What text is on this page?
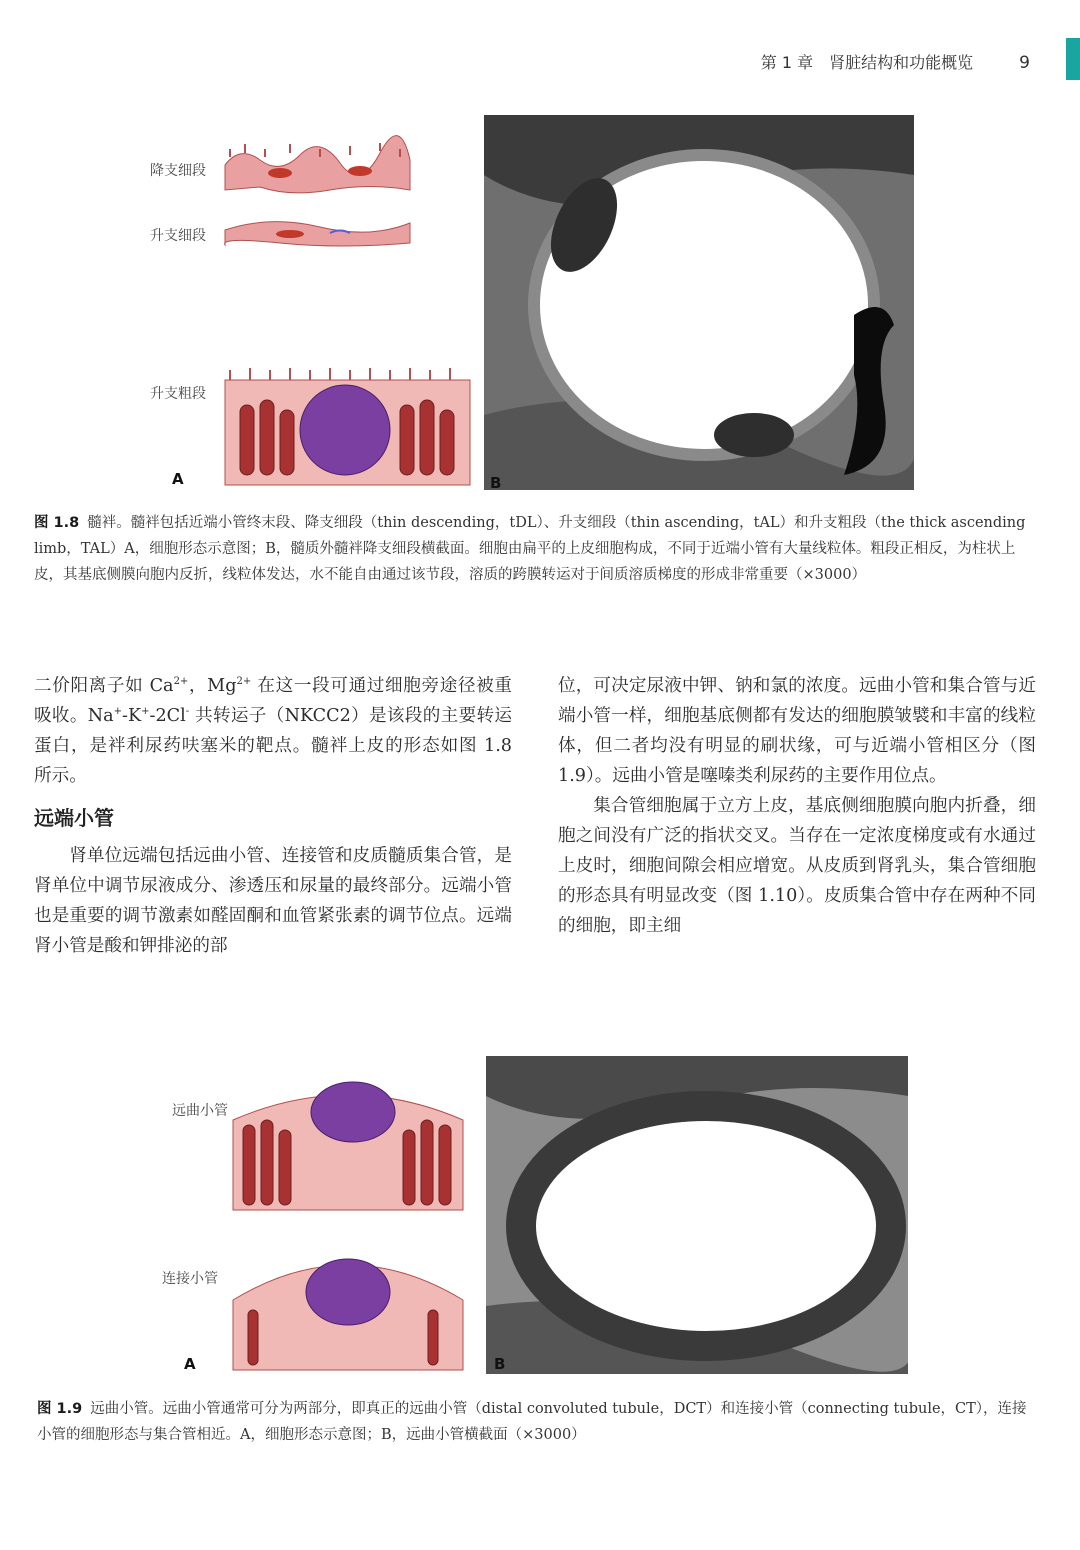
第 1 章　 肾脏结构和功能概览	9
降支细段
升支细段
升支粗段
A	B
图 1.8 髓袢。髓袢包括近端小管终末段、降支细段（thin descending，tDL）、升支细段（thin ascending，tAL）和升支粗段（the thick ascending limb，TAL）A，细胞形态示意图；B，髓质外髓袢降支细段横截面。细胞由扁平的上皮细胞构成，不同于近端小管有大量线粒体。粗段正相反，为柱状上皮，其基底侧膜向胞内反折，线粒体发达，水不能自由通过该节段，溶质的跨膜转运对于间质溶质梯度的形成非常重要（×3000）

二价阳离子如 $Ca^{2+}$，$Mg^{2+}$ 在这一段可通过细胞旁途径被重吸收。Na+-K+-2Cl- 共转运子（NKCC2）是该段的主要转运蛋白，是袢利尿药呋塞米的靶点。髓袢上皮的形态如图 1.8 所示。

远端小管

肾单位远端包括远曲小管、连接管和皮质髓质集合管，是肾单位中调节尿液成分、渗透压和尿量的最终部分。远端小管也是重要的调节激素如醛固酮和血管紧张素的调节位点。远端肾小管是酸和钾排泌的部

位，可决定尿液中钾、钠和氯的浓度。远曲小管和集合管与近端小管一样，细胞基底侧都有发达的细胞膜皱襞和丰富的线粒体，但二者均没有明显的刷状缘，可与近端小管相区分（图 1.9）。远曲小管是噻嗪类利尿药的主要作用位点。

集合管细胞属于立方上皮，基底侧细胞膜向胞内折叠，细胞之间没有广泛的指状交叉。当存在一定浓度梯度或有水通过上皮时，细胞间隙会相应增宽。从皮质到肾乳头，集合管细胞的形态具有明显改变（图 1.10）。皮质集合管中存在两种不同的细胞，即主细

远曲小管
连接小管
A	B
图 1.9 远曲小管。远曲小管通常可分为两部分，即真正的远曲小管（distal convoluted tubule，DCT）和连接小管（connecting tubule，CT），连接小管的细胞形态与集合管相近。A，细胞形态示意图；B，远曲小管横截面（×3000）
